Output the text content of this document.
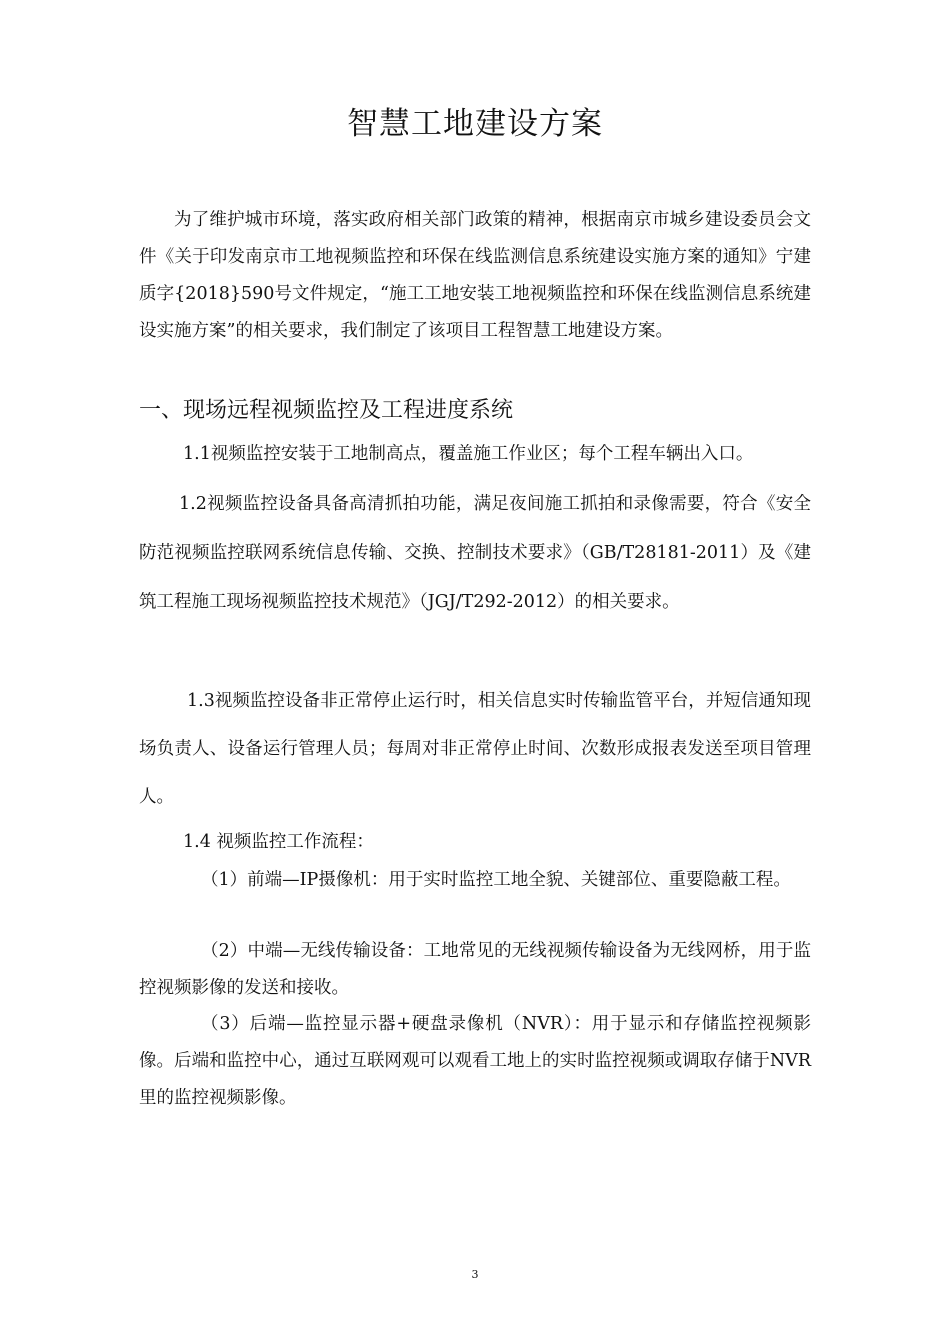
智慧工地建设方案

为了维护城市环境，落实政府相关部门政策的精神，根据南京市城乡建设委员会文件《关于印发南京市工地视频监控和环保在线监测信息系统建设实施方案的通知》宁建质字{2018}590号文件规定，“施工工地安装工地视频监控和环保在线监测信息系统建设实施方案”的相关要求，我们制定了该项目工程智慧工地建设方案。

一、现场远程视频监控及工程进度系统

1.1视频监控安装于工地制高点，覆盖施工作业区；每个工程车辆出入口。

1.2视频监控设备具备高清抓拍功能，满足夜间施工抓拍和录像需要，符合《安全防范视频监控联网系统信息传输、交换、控制技术要求》（GB/T28181-2011）及《建筑工程施工现场视频监控技术规范》（JGJ/T292-2012）的相关要求。

1.3视频监控设备非正常停止运行时，相关信息实时传输监管平台，并短信通知现场负责人、设备运行管理人员；每周对非正常停止时间、次数形成报表发送至项目管理人。

1.4 视频监控工作流程：

（1）前端—IP摄像机：用于实时监控工地全貌、关键部位、重要隐蔽工程。

（2）中端—无线传输设备：工地常见的无线视频传输设备为无线网桥，用于监控视频影像的发送和接收。

（3）后端—监控显示器+硬盘录像机（NVR）：用于显示和存储监控视频影像。后端和监控中心，通过互联网观可以观看工地上的实时监控视频或调取存储于NVR里的监控视频影像。

3
